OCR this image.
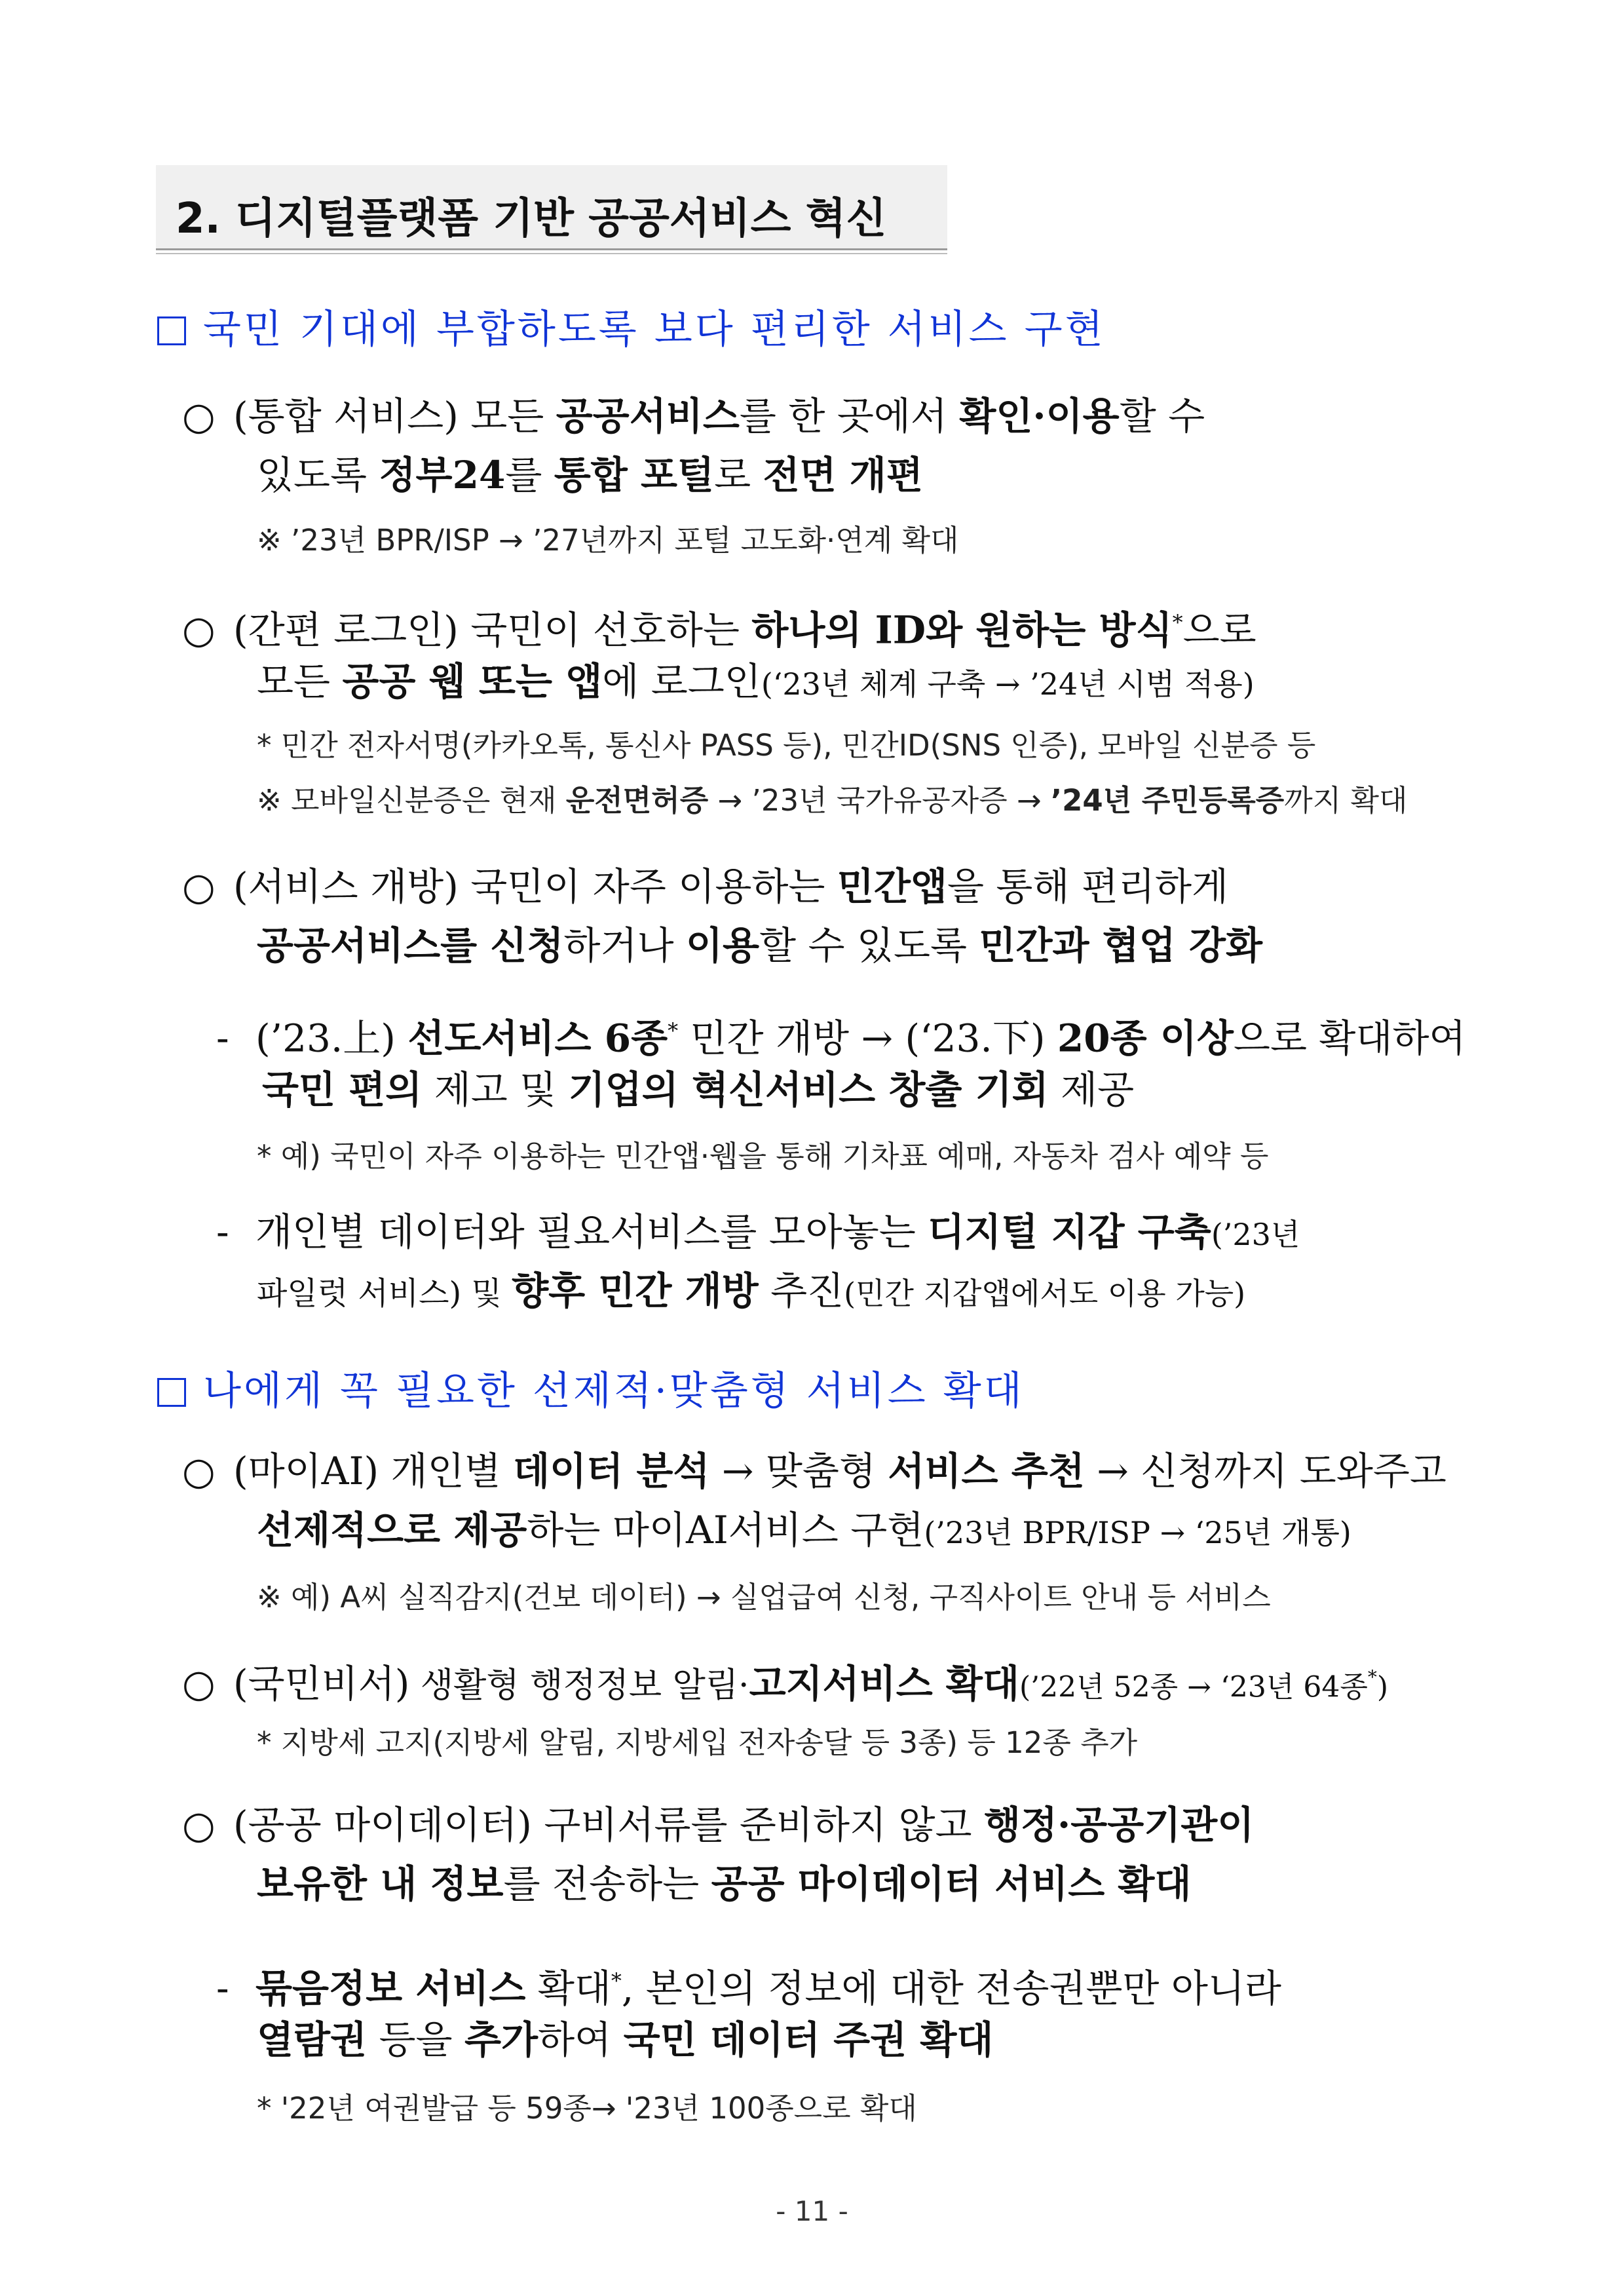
2. 디지털플랫폼 기반 공공서비스 혁신
국민 기대에 부합하도록 보다 편리한 서비스 구현
○ (통합 서비스) 모든 공공서비스를 한 곳에서 확인·이용할 수
있도록 정부24를 통합 포털로 전면 개편
※ ’23년 BPR/ISP → ’27년까지 포털 고도화·연계 확대
○ (간편 로그인) 국민이 선호하는 하나의 ID와 원하는 방식*으로
모든 공공 웹 또는 앱에 로그인(‘23년 체계 구축 → ’24년 시범 적용)
* 민간 전자서명(카카오톡, 통신사 PASS 등), 민간ID(SNS 인증), 모바일 신분증 등
※ 모바일신분증은 현재 운전면허증 → ’23년 국가유공자증 → ’24년 주민등록증까지 확대
○ (서비스 개방) 국민이 자주 이용하는 민간앱을 통해 편리하게
공공서비스를 신청하거나 이용할 수 있도록 민간과 협업 강화
- (’23.上) 선도서비스 6종* 민간 개방 → (‘23.下) 20종 이상으로 확대하여
국민 편의 제고 및 기업의 혁신서비스 창출 기회 제공
* 예) 국민이 자주 이용하는 민간앱·웹을 통해 기차표 예매, 자동차 검사 예약 등
- 개인별 데이터와 필요서비스를 모아놓는 디지털 지갑 구축(’23년
파일럿 서비스) 및 향후 민간 개방 추진(민간 지갑앱에서도 이용 가능)
나에게 꼭 필요한 선제적·맞춤형 서비스 확대
○ (마이AI) 개인별 데이터 분석 → 맞춤형 서비스 추천 → 신청까지 도와주고
선제적으로 제공하는 마이AI서비스 구현(’23년 BPR/ISP → ‘25년 개통)
※ 예) A씨 실직감지(건보 데이터) → 실업급여 신청, 구직사이트 안내 등 서비스
○ (국민비서) 생활형 행정정보 알림·고지서비스 확대(’22년 52종 → ‘23년 64종*)
* 지방세 고지(지방세 알림, 지방세입 전자송달 등 3종) 등 12종 추가
○ (공공 마이데이터) 구비서류를 준비하지 않고 행정·공공기관이
보유한 내 정보를 전송하는 공공 마이데이터 서비스 확대
- 묶음정보 서비스 확대*, 본인의 정보에 대한 전송권뿐만 아니라
열람권 등을 추가하여 국민 데이터 주권 확대
* '22년 여권발급 등 59종→ '23년 100종으로 확대
- 11 -
